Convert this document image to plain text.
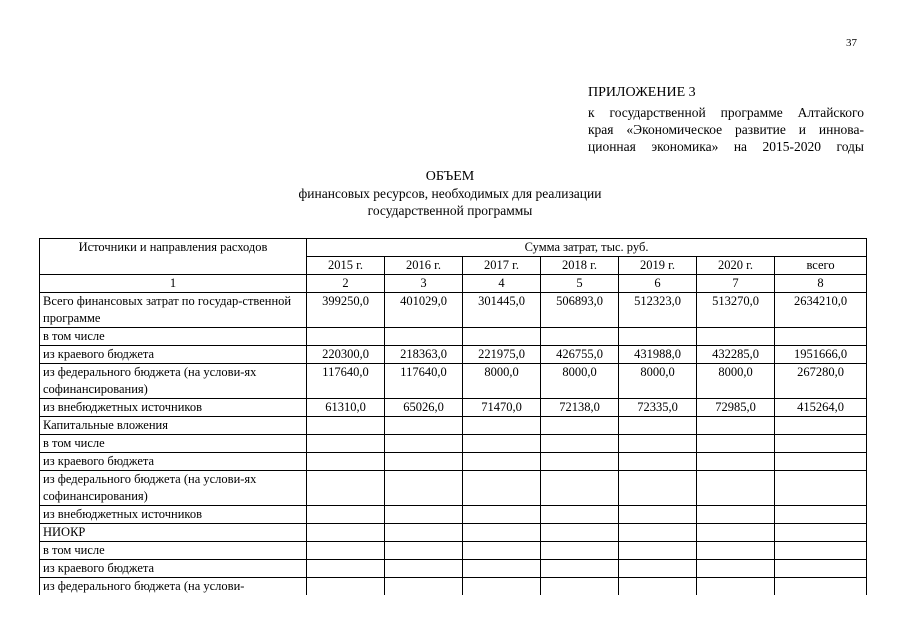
37
ПРИЛОЖЕНИЕ 3
к государственной программе Алтайского
края «Экономическое развитие и иннова-
ционная экономика» на 2015-2020 годы
ОБЪЕМ
финансовых ресурсов, необходимых для реализации
государственной программы
Источники и направления расходов	Сумма затрат, тыс. руб.						
	2015 г.	2016 г.	2017 г.	2018 г.	2019 г.	2020 г.	всего
1	2	3	4	5	6	7	8
Всего финансовых затрат по государ-ственной программе	399250,0	401029,0	301445,0	506893,0	512323,0	513270,0	2634210,0
в том числе							
из краевого бюджета	220300,0	218363,0	221975,0	426755,0	431988,0	432285,0	1951666,0
из федерального бюджета (на услови-ях софинансирования)	117640,0	117640,0	8000,0	8000,0	8000,0	8000,0	267280,0
из внебюджетных источников	61310,0	65026,0	71470,0	72138,0	72335,0	72985,0	415264,0
Капитальные вложения							
в том числе							
из краевого бюджета							
из федерального бюджета (на услови-ях софинансирования)							
из внебюджетных источников							
НИОКР							
в том числе							
из краевого бюджета							
из федерального бюджета (на услови-							
